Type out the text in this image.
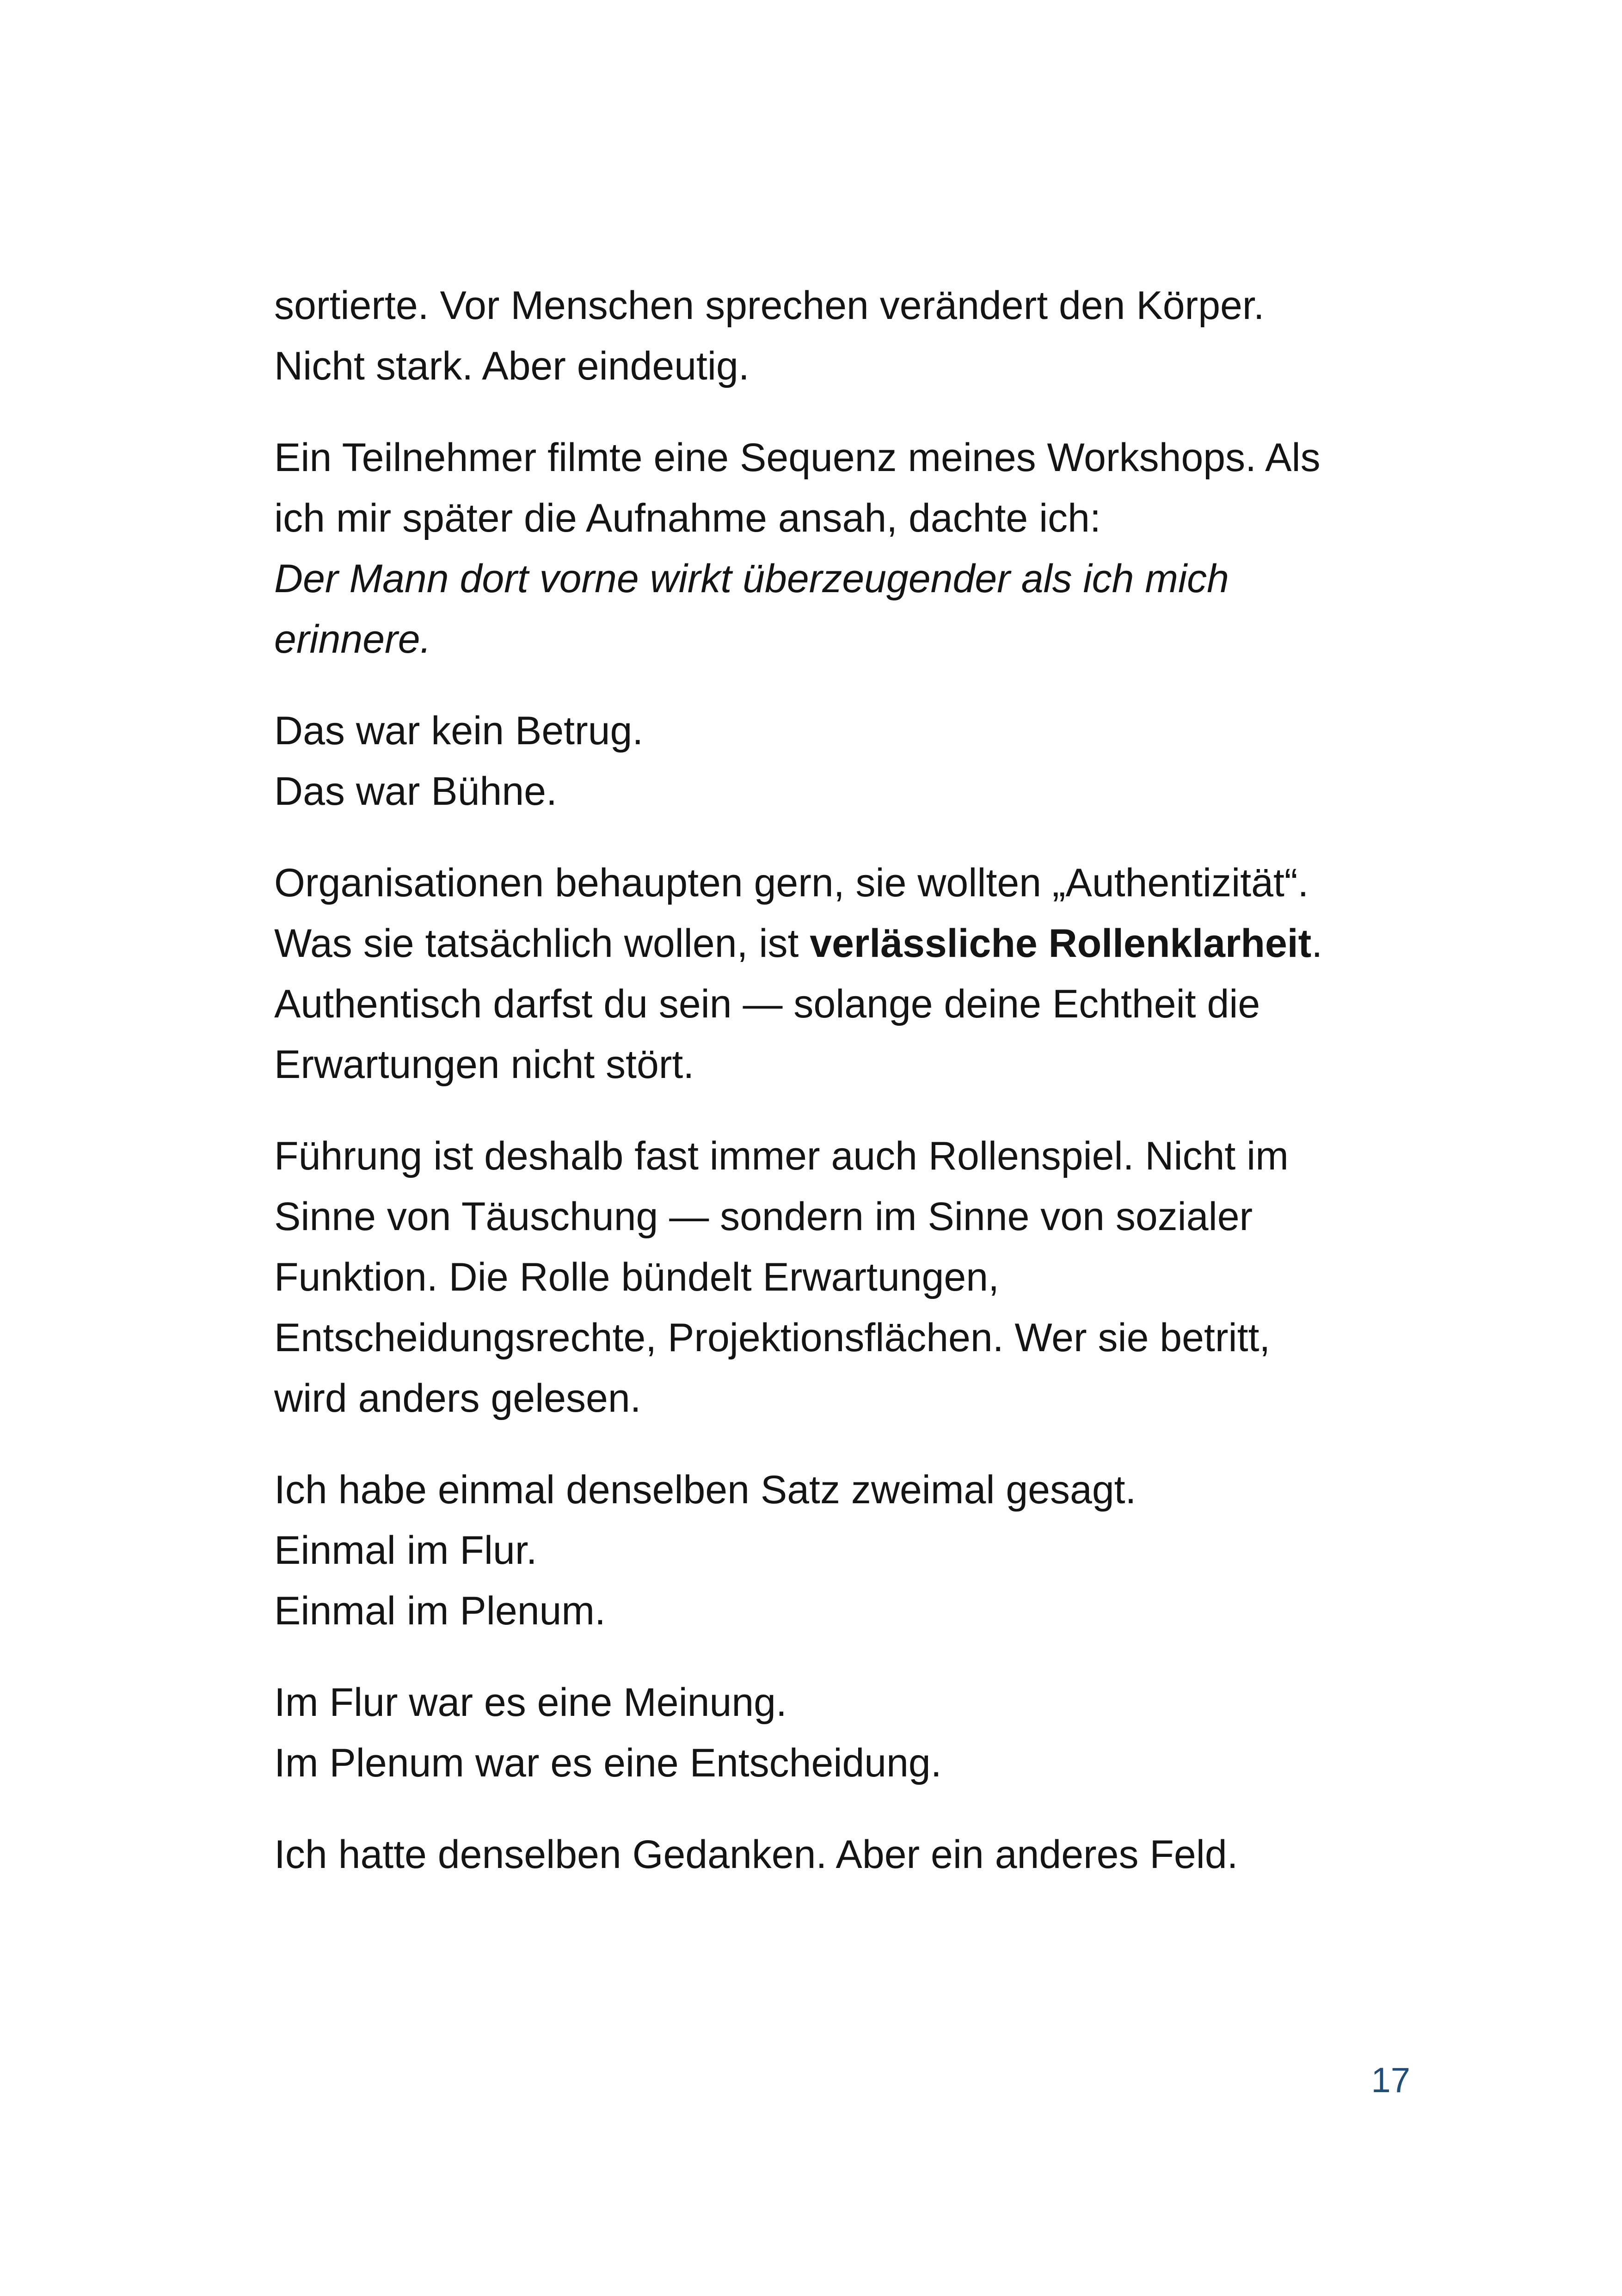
sortierte. Vor Menschen sprechen verändert den Körper.
Nicht stark. Aber eindeutig.

Ein Teilnehmer filmte eine Sequenz meines Workshops. Als
ich mir später die Aufnahme ansah, dachte ich:
Der Mann dort vorne wirkt überzeugender als ich mich
erinnere.

Das war kein Betrug.
Das war Bühne.

Organisationen behaupten gern, sie wollten „Authentizität“.
Was sie tatsächlich wollen, ist verlässliche Rollenklarheit.
Authentisch darfst du sein — solange deine Echtheit die
Erwartungen nicht stört.

Führung ist deshalb fast immer auch Rollenspiel. Nicht im
Sinne von Täuschung — sondern im Sinne von sozialer
Funktion. Die Rolle bündelt Erwartungen,
Entscheidungsrechte, Projektionsflächen. Wer sie betritt,
wird anders gelesen.

Ich habe einmal denselben Satz zweimal gesagt.
Einmal im Flur.
Einmal im Plenum.

Im Flur war es eine Meinung.
Im Plenum war es eine Entscheidung.

Ich hatte denselben Gedanken. Aber ein anderes Feld.

17
